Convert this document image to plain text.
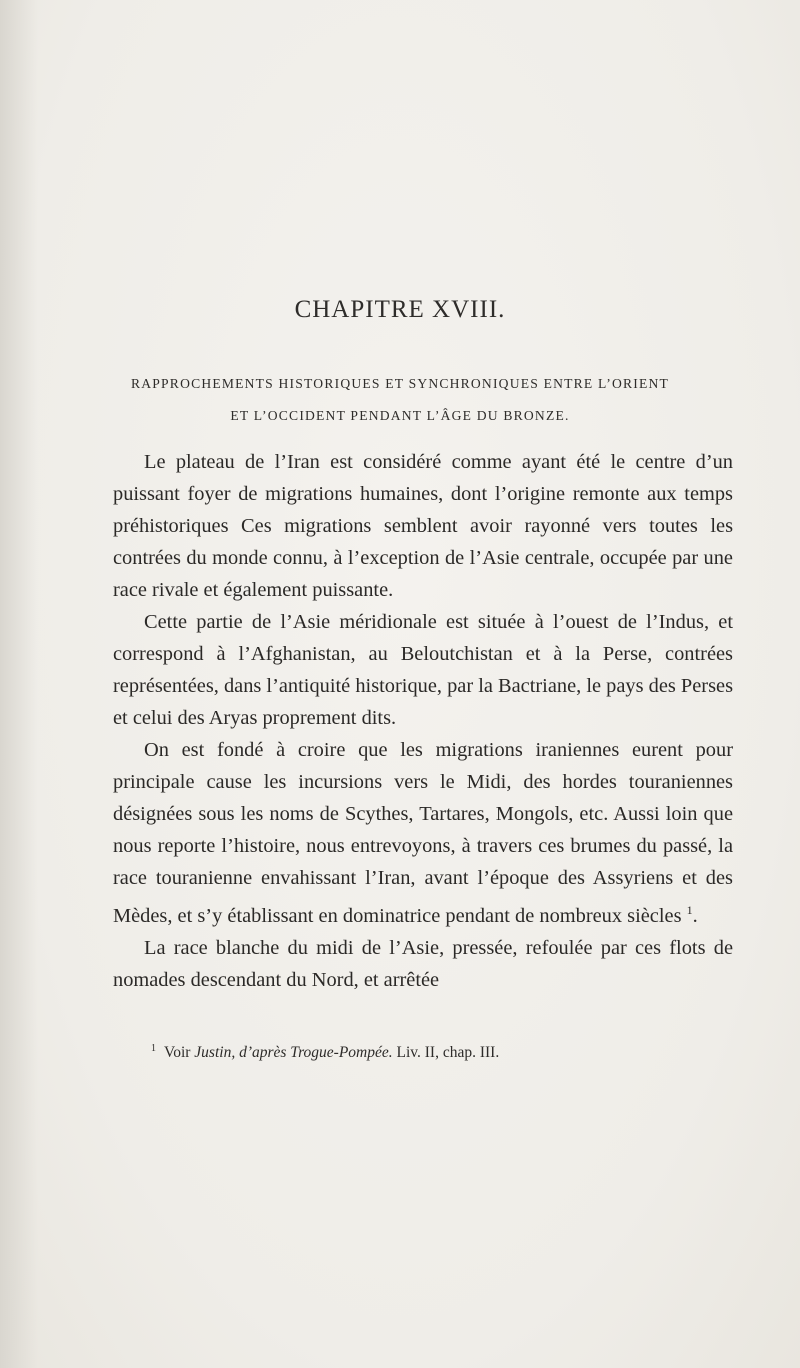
CHAPITRE XVIII.
RAPPROCHEMENTS HISTORIQUES ET SYNCHRONIQUES ENTRE L’ORIENT
ET L’OCCIDENT PENDANT L’ÂGE DU BRONZE.

Le plateau de l’Iran est considéré comme ayant été le centre d’un puissant foyer de migrations humaines, dont l’origine remonte aux temps préhistoriques Ces migrations semblent avoir rayonné vers toutes les contrées du monde connu, à l’exception de l’Asie centrale, occupée par une race rivale et également puissante.

Cette partie de l’Asie méridionale est située à l’ouest de l’Indus, et correspond à l’Afghanistan, au Beloutchistan et à la Perse, contrées représentées, dans l’antiquité historique, par la Bactriane, le pays des Perses et celui des Aryas proprement dits.

On est fondé à croire que les migrations iraniennes eurent pour principale cause les incursions vers le Midi, des hordes touraniennes désignées sous les noms de Scythes, Tartares, Mongols, etc. Aussi loin que nous reporte l’histoire, nous entrevoyons, à travers ces brumes du passé, la race touranienne envahissant l’Iran, avant l’époque des Assyriens et des Mèdes, et s’y établissant en dominatrice pendant de nombreux siècles $^1$.

La race blanche du midi de l’Asie, pressée, refoulée par ces flots de nomades descendant du Nord, et arrêtée

$^1$ Voir Justin, d’après Trogue-Pompée. Liv. II, chap. III.
